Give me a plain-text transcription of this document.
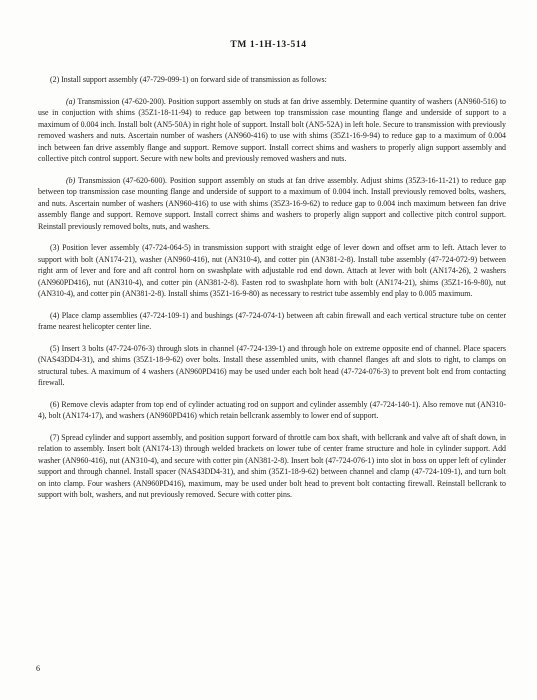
TM 1-1H-13-514

(2) Install support assembly (47-729-099-1) on forward side of transmission as follows:

(a) Transmission (47-620-200). Position support assembly on studs at fan drive assembly. Determine quantity of washers (AN960-516) to use in conjuction with shims (35Z1-18-11-94) to reduce gap between top transmission case mounting flange and underside of support to a maximum of 0.004 inch. Install bolt (AN5-50A) in right hole of support. Install bolt (AN5-52A) in left hole. Secure to transmission with previously removed washers and nuts. Ascertain number of washers (AN960-416) to use with shims (35Z1-16-9-94) to reduce gap to a maximum of 0.004 inch between fan drive assembly flange and support. Remove support. Install correct shims and washers to properly align support assembly and collective pitch control support. Secure with new bolts and previously removed washers and nuts.

(b) Transmission (47-620-600). Position support assembly on studs at fan drive assembly. Adjust shims (35Z3-16-11-21) to reduce gap between top transmission case mounting flange and underside of support to a maximum of 0.004 inch. Install previously removed bolts, washers, and nuts. Ascertain number of washers (AN960-416) to use with shims (35Z3-16-9-62) to reduce gap to 0.004 inch maximum between fan drive assembly flange and support. Remove support. Install correct shims and washers to properly align support and collective pitch control support. Reinstall previously removed bolts, nuts, and washers.

(3) Position lever assembly (47-724-064-5) in transmission support with straight edge of lever down and offset arm to left. Attach lever to support with bolt (AN174-21), washer (AN960-416), nut (AN310-4), and cotter pin (AN381-2-8). Install tube assembly (47-724-072-9) between right arm of lever and fore and aft control horn on swashplate with adjustable rod end down. Attach at lever with bolt (AN174-26), 2 washers (AN960PD416), nut (AN310-4), and cotter pin (AN381-2-8). Fasten rod to swashplate horn with bolt (AN174-21), shims (35Z1-16-9-80), nut (AN310-4), and cotter pin (AN381-2-8). Install shims (35Z1-16-9-80) as necessary to restrict tube assembly end play to 0.005 maximum.

(4) Place clamp assemblies (47-724-109-1) and bushings (47-724-074-1) between aft cabin firewall and each vertical structure tube on center frame nearest helicopter center line.

(5) Insert 3 bolts (47-724-076-3) through slots in channel (47-724-139-1) and through hole on extreme opposite end of channel. Place spacers (NAS43DD4-31), and shims (35Z1-18-9-62) over bolts. Install these assembled units, with channel flanges aft and slots to right, to clamps on structural tubes. A maximum of 4 washers (AN960PD416) may be used under each bolt head (47-724-076-3) to prevent bolt end from contacting firewall.

(6) Remove clevis adapter from top end of cylinder actuating rod on support and cylinder assembly (47-724-140-1). Also remove nut (AN310-4), bolt (AN174-17), and washers (AN960PD416) which retain bellcrank assembly to lower end of support.

(7) Spread cylinder and support assembly, and position support forward of throttle cam box shaft, with bellcrank and valve aft of shaft down, in relation to assembly. Insert bolt (AN174-13) through welded brackets on lower tube of center frame structure and hole in cylinder support. Add washer (AN960-416), nut (AN310-4), and secure with cotter pin (AN381-2-8). Insert bolt (47-724-076-1) into slot in boss on upper left of cylinder support and through channel. Install spacer (NAS43DD4-31), and shim (35Z1-18-9-62) between channel and clamp (47-724-109-1), and turn bolt on into clamp. Four washers (AN960PD416), maximum, may be used under bolt head to prevent bolt contacting firewall. Reinstall bellcrank to support with bolt, washers, and nut previously removed. Secure with cotter pins.

6
